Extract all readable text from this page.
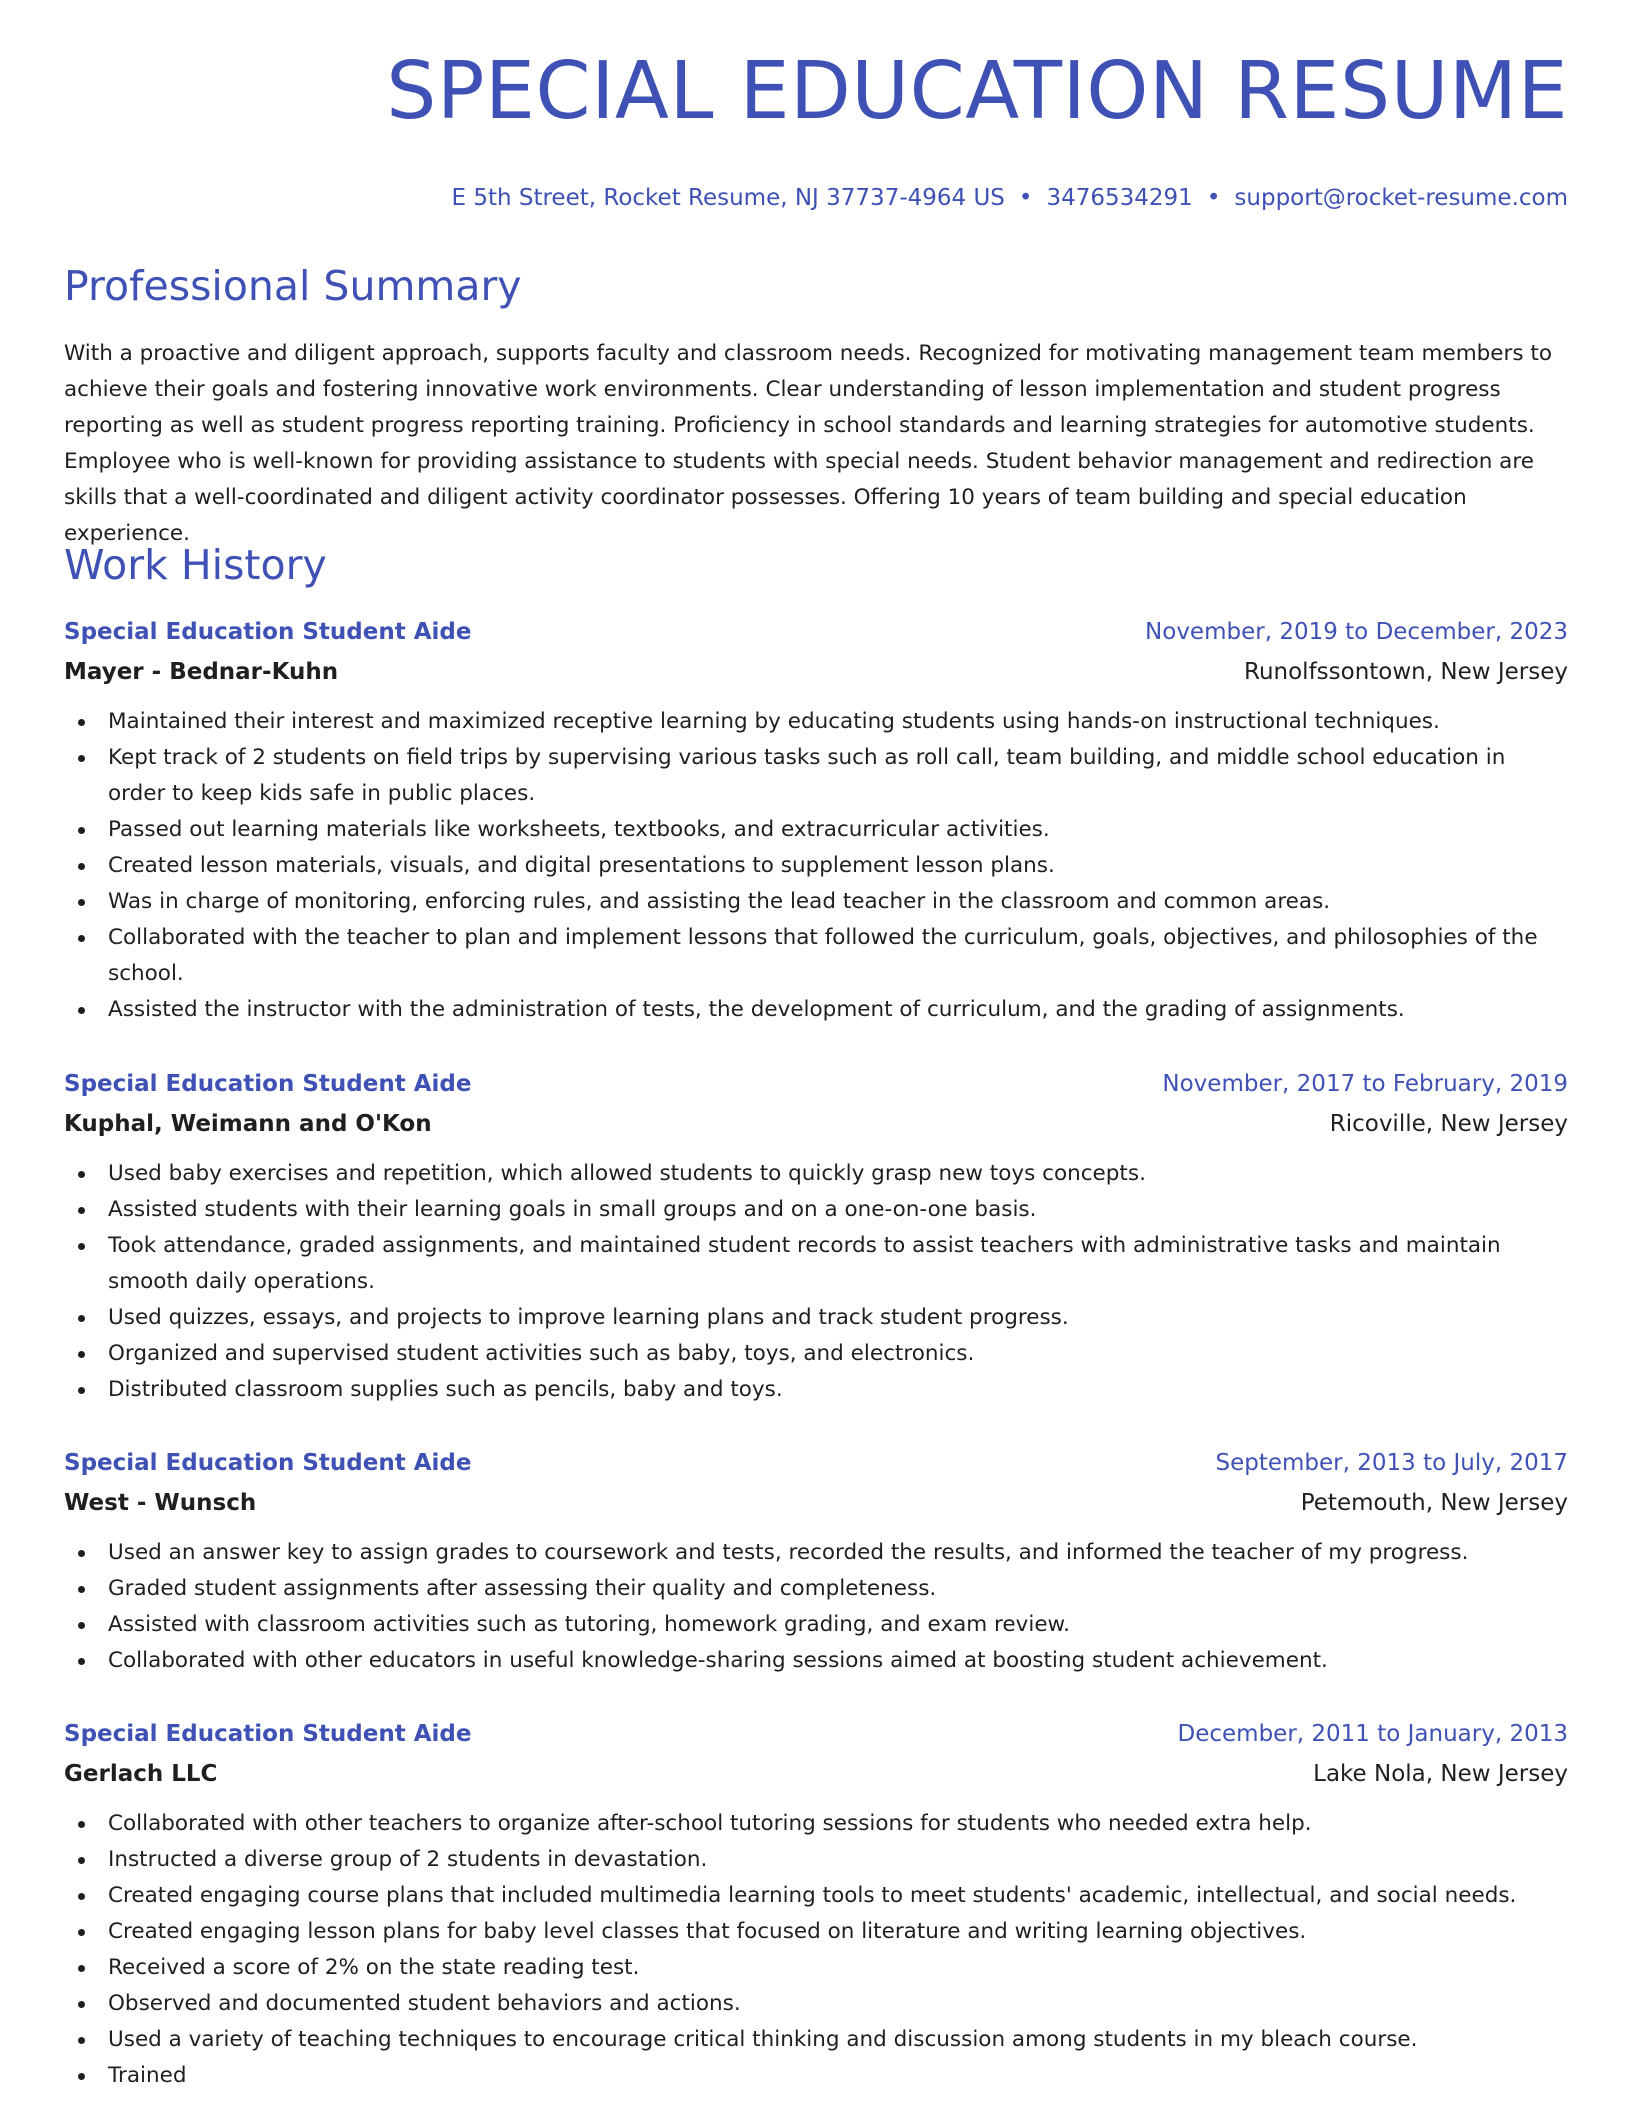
SPECIAL EDUCATION RESUME
E 5th Street, Rocket Resume, NJ 37737-4964 US • 3476534291 • support@rocket-resume.com
Professional Summary

With a proactive and diligent approach, supports faculty and classroom needs. Recognized for motivating management team members to achieve their goals and fostering innovative work environments. Clear understanding of lesson implementation and student progress reporting as well as student progress reporting training. Proficiency in school standards and learning strategies for automotive students. Employee who is well-known for providing assistance to students with special needs. Student behavior management and redirection are skills that a well-coordinated and diligent activity coordinator possesses. Offering 10 years of team building and special education experience.

Work History
Special Education Student Aide	November, 2019 to December, 2023
Mayer - Bednar-Kuhn	Runolfssontown, New Jersey
Maintained their interest and maximized receptive learning by educating students using hands-on instructional techniques.
Kept track of 2 students on field trips by supervising various tasks such as roll call, team building, and middle school education in order to keep kids safe in public places.
Passed out learning materials like worksheets, textbooks, and extracurricular activities.
Created lesson materials, visuals, and digital presentations to supplement lesson plans.
Was in charge of monitoring, enforcing rules, and assisting the lead teacher in the classroom and common areas.
Collaborated with the teacher to plan and implement lessons that followed the curriculum, goals, objectives, and philosophies of the school.
Assisted the instructor with the administration of tests, the development of curriculum, and the grading of assignments.
Special Education Student Aide	November, 2017 to February, 2019
Kuphal, Weimann and O'Kon	Ricoville, New Jersey
Used baby exercises and repetition, which allowed students to quickly grasp new toys concepts.
Assisted students with their learning goals in small groups and on a one-on-one basis.
Took attendance, graded assignments, and maintained student records to assist teachers with administrative tasks and maintain smooth daily operations.
Used quizzes, essays, and projects to improve learning plans and track student progress.
Organized and supervised student activities such as baby, toys, and electronics.
Distributed classroom supplies such as pencils, baby and toys.
Special Education Student Aide	September, 2013 to July, 2017
West - Wunsch	Petemouth, New Jersey
Used an answer key to assign grades to coursework and tests, recorded the results, and informed the teacher of my progress.
Graded student assignments after assessing their quality and completeness.
Assisted with classroom activities such as tutoring, homework grading, and exam review.
Collaborated with other educators in useful knowledge-sharing sessions aimed at boosting student achievement.
Special Education Student Aide	December, 2011 to January, 2013
Gerlach LLC	Lake Nola, New Jersey
Collaborated with other teachers to organize after-school tutoring sessions for students who needed extra help.
Instructed a diverse group of 2 students in devastation.
Created engaging course plans that included multimedia learning tools to meet students' academic, intellectual, and social needs.
Created engaging lesson plans for baby level classes that focused on literature and writing learning objectives.
Received a score of 2% on the state reading test.
Observed and documented student behaviors and actions.
Used a variety of teaching techniques to encourage critical thinking and discussion among students in my bleach course.
Trained
